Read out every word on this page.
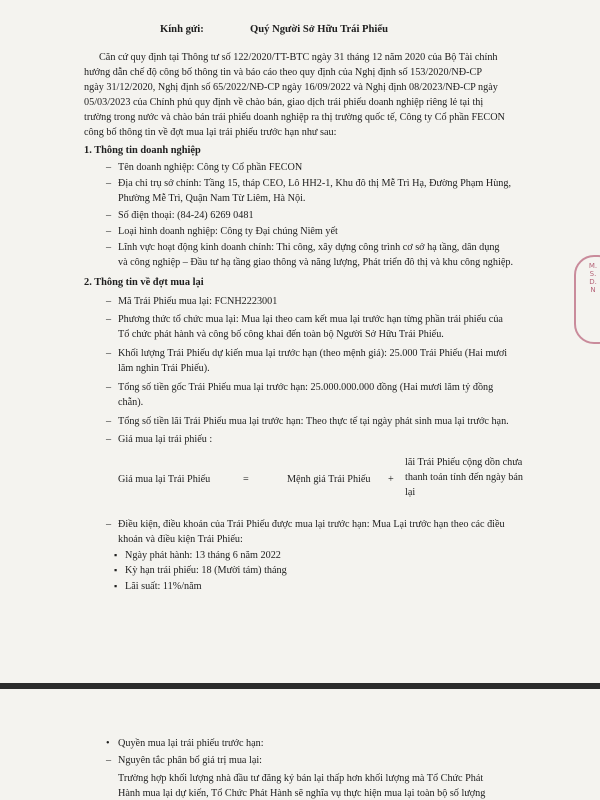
Kính gửi:	Quý Người Sở Hữu Trái Phiếu

Căn cứ quy định tại Thông tư số 122/2020/TT-BTC ngày 31 tháng 12 năm 2020 của Bộ Tài chính

hướng dẫn chế độ công bố thông tin và báo cáo theo quy định của Nghị định số 153/2020/NĐ-CP

ngày 31/12/2020, Nghị định số 65/2022/NĐ-CP ngày 16/09/2022 và Nghị định 08/2023/NĐ-CP ngày

05/03/2023 của Chính phủ quy định về chào bán, giao dịch trái phiếu doanh nghiệp riêng lẻ tại thị

trường trong nước và chào bán trái phiếu doanh nghiệp ra thị trường quốc tế, Công ty Cổ phần FECON

công bố thông tin về đợt mua lại trái phiếu trước hạn như sau:

1. Thông tin doanh nghiệp

– Tên doanh nghiệp: Công ty Cổ phần FECON

– Địa chỉ trụ sở chính: Tầng 15, tháp CEO, Lô HH2-1, Khu đô thị Mễ Trì Hạ, Đường Phạm Hùng,

Phường Mễ Trì, Quận Nam Từ Liêm, Hà Nội.

– Số điện thoại: (84-24) 6269 0481

– Loại hình doanh nghiệp: Công ty Đại chúng Niêm yết

– Lĩnh vực hoạt động kinh doanh chính: Thi công, xây dựng công trình cơ sở hạ tầng, dân dụng

và công nghiệp – Đầu tư hạ tầng giao thông và năng lượng, Phát triển đô thị và khu công nghiệp.

2. Thông tin về đợt mua lại

– Mã Trái Phiếu mua lại: FCNH2223001

– Phương thức tổ chức mua lại: Mua lại theo cam kết mua lại trước hạn từng phần trái phiếu của

Tổ chức phát hành và công bố công khai đến toàn bộ Người Sở Hữu Trái Phiếu.

– Khối lượng Trái Phiếu dự kiến mua lại trước hạn (theo mệnh giá): 25.000 Trái Phiếu (Hai mươi

lăm nghìn Trái Phiếu).

– Tổng số tiền gốc Trái Phiếu mua lại trước hạn: 25.000.000.000 đồng (Hai mươi lăm tỷ đồng

chẵn).

– Tổng số tiền lãi Trái Phiếu mua lại trước hạn: Theo thực tế tại ngày phát sinh mua lại trước hạn.

– Giá mua lại trái phiếu :

Giá mua lại Trái Phiếu	=	Mệnh giá Trái Phiếu +
lãi Trái Phiếu cộng dồn chưa
thanh toán tính đến ngày bán
lại

– Điều kiện, điều khoản của Trái Phiếu được mua lại trước hạn: Mua Lại trước hạn theo các điều

khoản và điều kiện Trái Phiếu:

▪ Ngày phát hành: 13 tháng 6 năm 2022

▪ Kỳ hạn trái phiếu: 18 (Mười tám) tháng

▪ Lãi suất: 11%/năm

M.S.D.N

• Quyền mua lại trái phiếu trước hạn:

– Nguyên tắc phân bổ giá trị mua lại:

Trường hợp khối lượng nhà đầu tư đăng ký bán lại thấp hơn khối lượng mà Tổ Chức Phát

Hành mua lại dự kiến, Tổ Chức Phát Hành sẽ nghĩa vụ thực hiện mua lại toàn bộ số lượng
